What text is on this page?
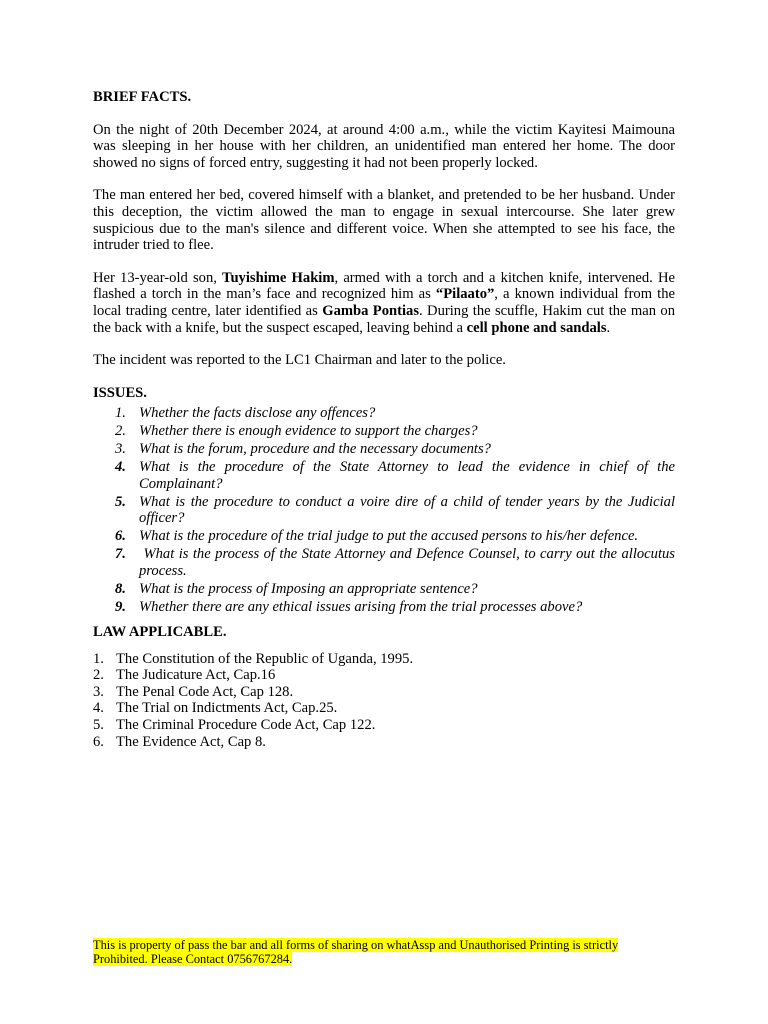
BRIEF FACTS.

On the night of 20th December 2024, at around 4:00 a.m., while the victim Kayitesi Maimouna was sleeping in her house with her children, an unidentified man entered her home. The door showed no signs of forced entry, suggesting it had not been properly locked.

The man entered her bed, covered himself with a blanket, and pretended to be her husband. Under this deception, the victim allowed the man to engage in sexual intercourse. She later grew suspicious due to the man's silence and different voice. When she attempted to see his face, the intruder tried to flee.

Her 13-year-old son, Tuyishime Hakim, armed with a torch and a kitchen knife, intervened. He flashed a torch in the man’s face and recognized him as “Pilaato”, a known individual from the local trading centre, later identified as Gamba Pontias. During the scuffle, Hakim cut the man on the back with a knife, but the suspect escaped, leaving behind a cell phone and sandals.

The incident was reported to the LC1 Chairman and later to the police.

ISSUES.
1. Whether the facts disclose any offences?
2. Whether there is enough evidence to support the charges?
3. What is the forum, procedure and the necessary documents?
4. What is the procedure of the State Attorney to lead the evidence in chief of the Complainant?
5. What is the procedure to conduct a voire dire of a child of tender years by the Judicial officer?
6. What is the procedure of the trial judge to put the accused persons to his/her defence.
7. What is the process of the State Attorney and Defence Counsel, to carry out the allocutus process.
8. What is the process of Imposing an appropriate sentence?
9. Whether there are any ethical issues arising from the trial processes above?
LAW APPLICABLE.
1. The Constitution of the Republic of Uganda, 1995.
2. The Judicature Act, Cap.16
3. The Penal Code Act, Cap 128.
4. The Trial on Indictments Act, Cap.25.
5. The Criminal Procedure Code Act, Cap 122.
6. The Evidence Act, Cap 8.
This is property of pass the bar and all forms of sharing on whatAssp and Unauthorised Printing is strictly Prohibited. Please Contact 0756767284.
